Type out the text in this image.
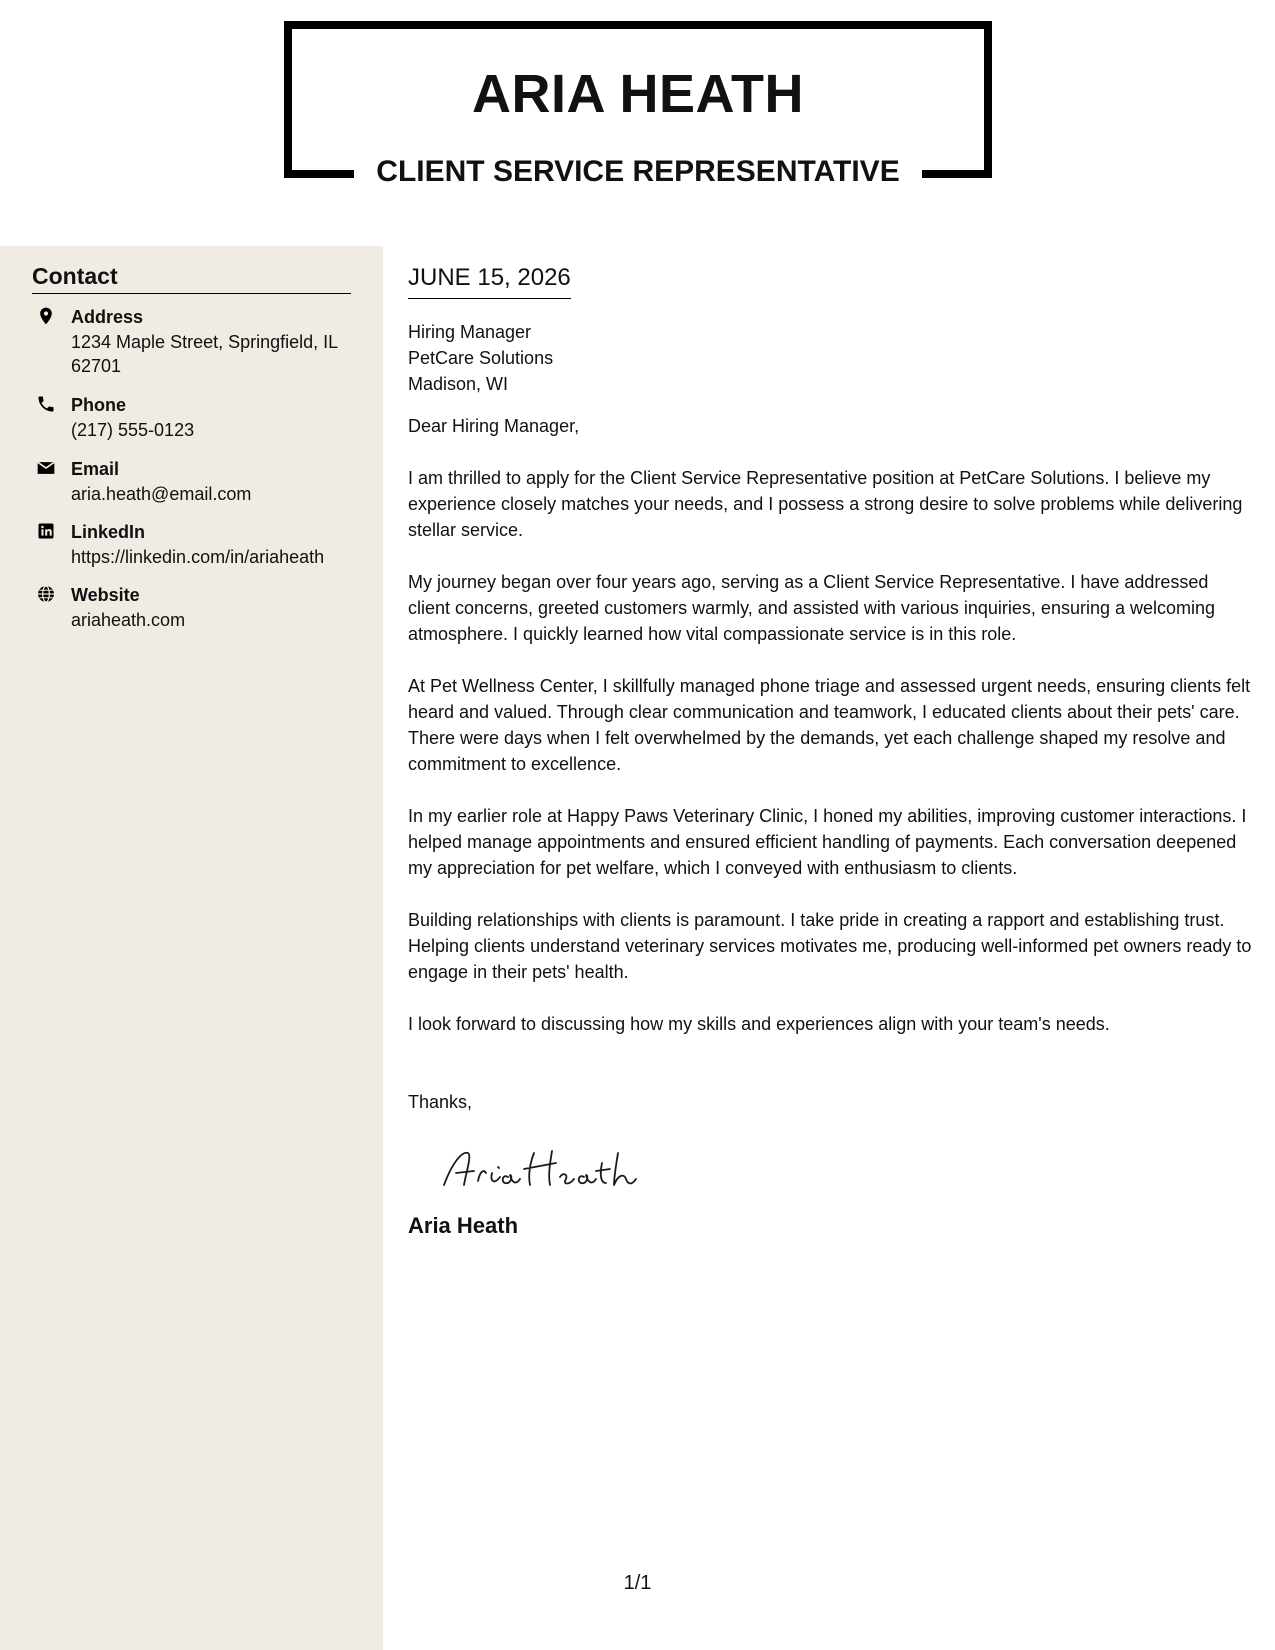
ARIA HEATH
CLIENT SERVICE REPRESENTATIVE
Contact
Address
1234 Maple Street, Springfield, IL 62701
Phone
(217) 555-0123
Email
aria.heath@email.com
LinkedIn
https://linkedin.com/in/ariaheath
Website
ariaheath.com
JUNE 15, 2026
Hiring Manager
PetCare Solutions
Madison, WI

Dear Hiring Manager,

I am thrilled to apply for the Client Service Representative position at PetCare Solutions. I believe my experience closely matches your needs, and I possess a strong desire to solve problems while delivering stellar service.

My journey began over four years ago, serving as a Client Service Representative. I have addressed client concerns, greeted customers warmly, and assisted with various inquiries, ensuring a welcoming atmosphere. I quickly learned how vital compassionate service is in this role.

At Pet Wellness Center, I skillfully managed phone triage and assessed urgent needs, ensuring clients felt heard and valued. Through clear communication and teamwork, I educated clients about their pets' care. There were days when I felt overwhelmed by the demands, yet each challenge shaped my resolve and commitment to excellence.

In my earlier role at Happy Paws Veterinary Clinic, I honed my abilities, improving customer interactions. I helped manage appointments and ensured efficient handling of payments. Each conversation deepened my appreciation for pet welfare, which I conveyed with enthusiasm to clients.

Building relationships with clients is paramount. I take pride in creating a rapport and establishing trust. Helping clients understand veterinary services motivates me, producing well-informed pet owners ready to engage in their pets' health.

I look forward to discussing how my skills and experiences align with your team's needs.

Thanks,
Aria Heath
1/1
